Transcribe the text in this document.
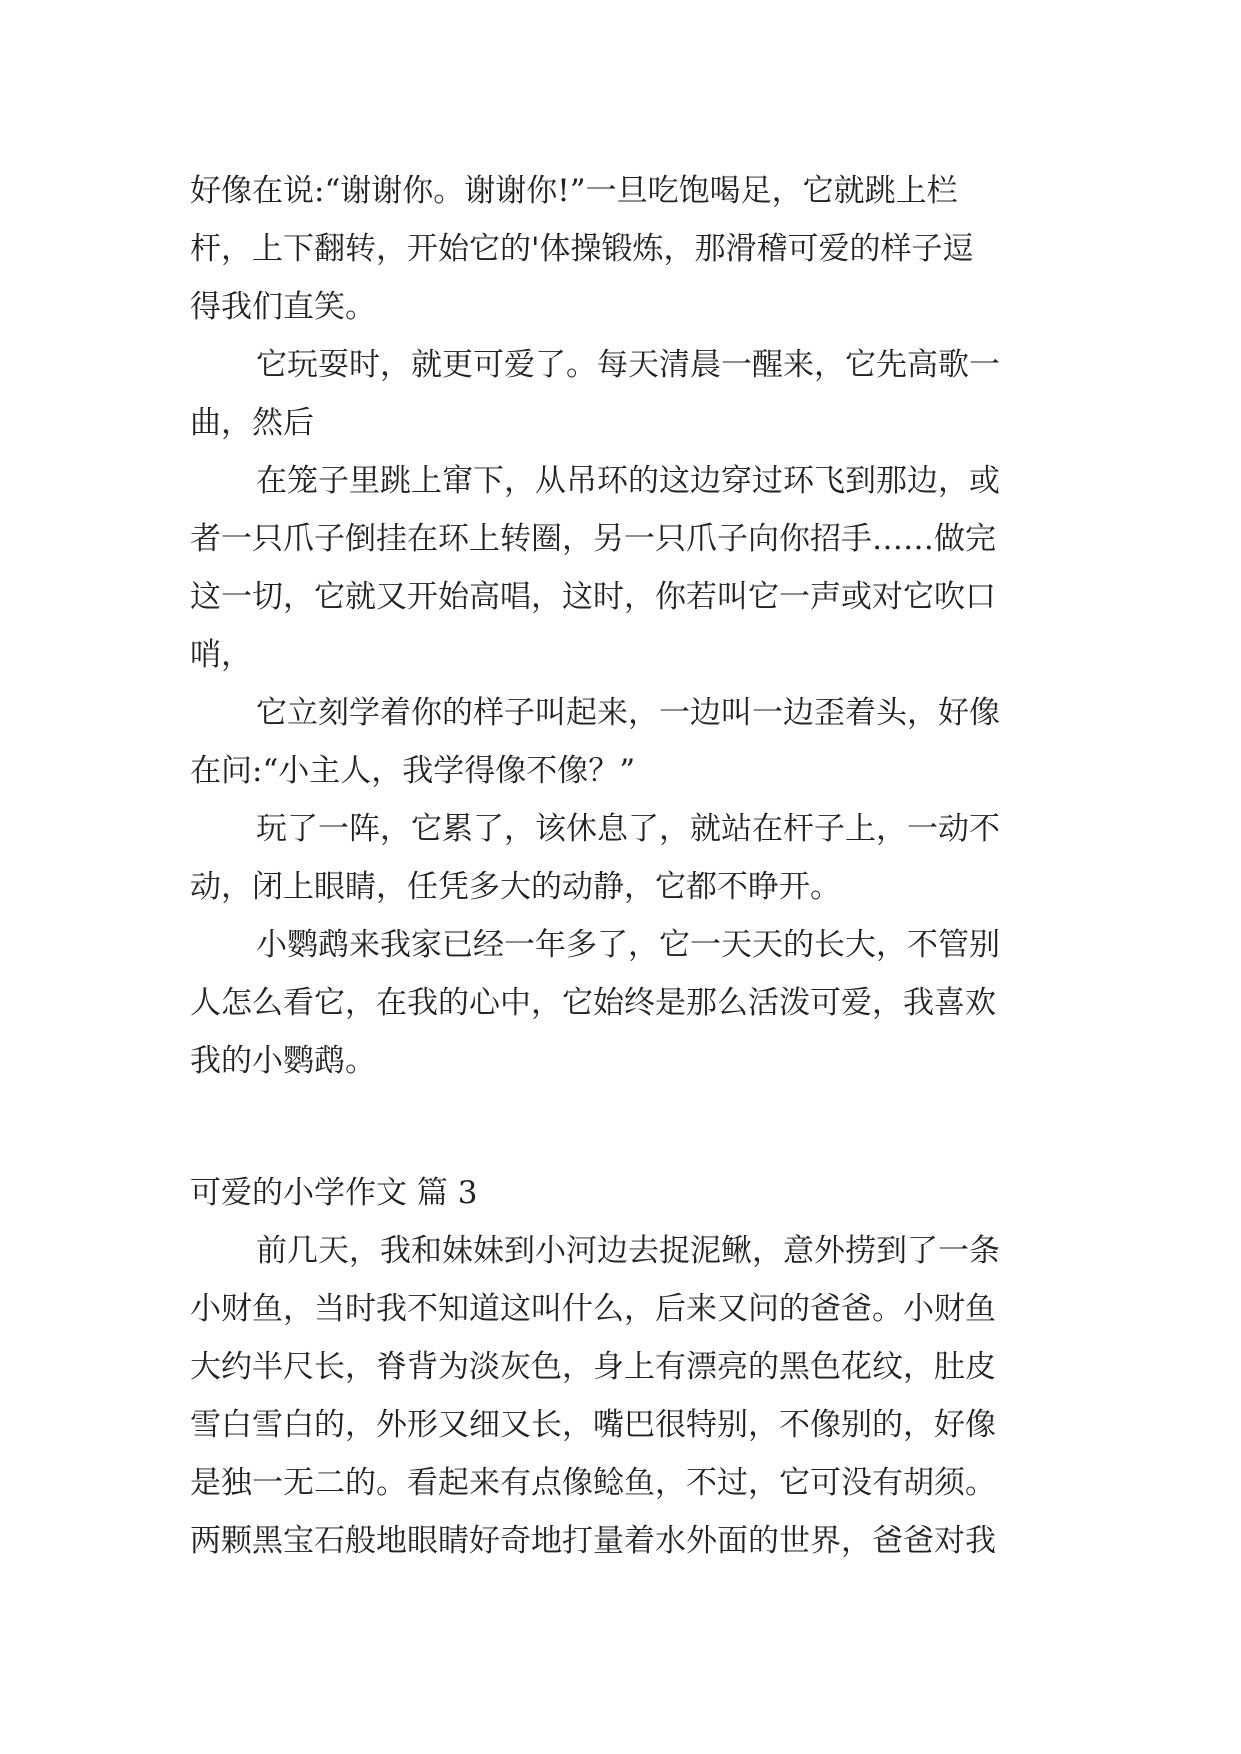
好像在说:“谢谢你。谢谢你!”一旦吃饱喝足，它就跳上栏
杆，上下翻转，开始它的'体操锻炼，那滑稽可爱的样子逗
得我们直笑。
它玩耍时，就更可爱了。每天清晨一醒来，它先高歌一
曲，然后
在笼子里跳上窜下，从吊环的这边穿过环飞到那边，或
者一只爪子倒挂在环上转圈，另一只爪子向你招手……做完
这一切，它就又开始高唱，这时，你若叫它一声或对它吹口
哨，
它立刻学着你的样子叫起来，一边叫一边歪着头，好像
在问:“小主人，我学得像不像？”
玩了一阵，它累了，该休息了，就站在杆子上，一动不
动，闭上眼睛，任凭多大的动静，它都不睁开。
小鹦鹉来我家已经一年多了，它一天天的长大，不管别
人怎么看它，在我的心中，它始终是那么活泼可爱，我喜欢
我的小鹦鹉。
可爱的小学作文 篇 3
前几天，我和妹妹到小河边去捉泥鳅，意外捞到了一条
小财鱼，当时我不知道这叫什么，后来又问的爸爸。小财鱼
大约半尺长，脊背为淡灰色，身上有漂亮的黑色花纹，肚皮
雪白雪白的，外形又细又长，嘴巴很特别，不像别的，好像
是独一无二的。看起来有点像鲶鱼，不过，它可没有胡须。
两颗黑宝石般地眼睛好奇地打量着水外面的世界，爸爸对我
